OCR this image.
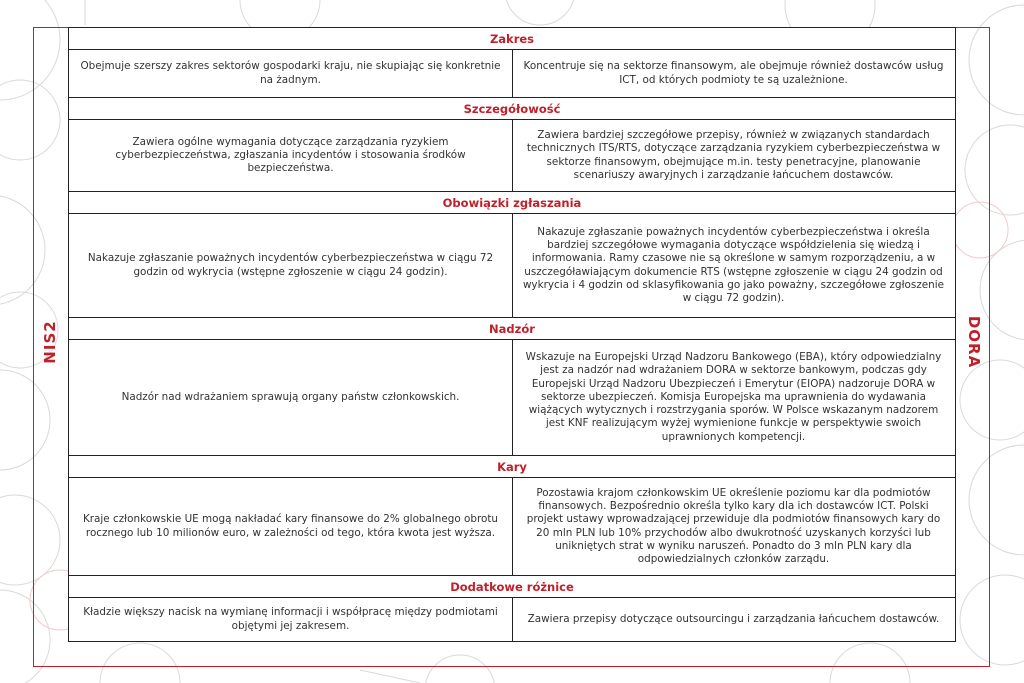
NIS2	DORA
Zakres
Obejmuje szerszy zakres sektorów gospodarki kraju, nie skupiając się konkretnie na żadnym.
Koncentruje się na sektorze finansowym, ale obejmuje również dostawców usług ICT, od których podmioty te są uzależnione.
Szczegółowość
Zawiera ogólne wymagania dotyczące zarządzania ryzykiem cyberbezpieczeństwa, zgłaszania incydentów i stosowania środków bezpieczeństwa.
Zawiera bardziej szczegółowe przepisy, również w związanych standardach technicznych ITS/RTS, dotyczące zarządzania ryzykiem cyberbezpieczeństwa w sektorze finansowym, obejmujące m.in. testy penetracyjne, planowanie scenariuszy awaryjnych i zarządzanie łańcuchem dostawców.
Obowiązki zgłaszania
Nakazuje zgłaszanie poważnych incydentów cyberbezpieczeństwa w ciągu 72 godzin od wykrycia (wstępne zgłoszenie w ciągu 24 godzin).
Nakazuje zgłaszanie poważnych incydentów cyberbezpieczeństwa i określa bardziej szczegółowe wymagania dotyczące współdzielenia się wiedzą i informowania. Ramy czasowe nie są określone w samym rozporządzeniu, a w uszczegóławiającym dokumencie RTS (wstępne zgłoszenie w ciągu 24 godzin od wykrycia i 4 godzin od sklasyfikowania go jako poważny, szczegółowe zgłoszenie w ciągu 72 godzin).
Nadzór
Nadzór nad wdrażaniem sprawują organy państw członkowskich.
Wskazuje na Europejski Urząd Nadzoru Bankowego (EBA), który odpowiedzialny jest za nadzór nad wdrażaniem DORA w sektorze bankowym, podczas gdy Europejski Urząd Nadzoru Ubezpieczeń i Emerytur (EIOPA) nadzoruje DORA w sektorze ubezpieczeń. Komisja Europejska ma uprawnienia do wydawania wiążących wytycznych i rozstrzygania sporów. W Polsce wskazanym nadzorem jest KNF realizującym wyżej wymienione funkcje w perspektywie swoich uprawnionych kompetencji.
Kary
Kraje członkowskie UE mogą nakładać kary finansowe do 2% globalnego obrotu rocznego lub 10 milionów euro, w zależności od tego, która kwota jest wyższa.
Pozostawia krajom członkowskim UE określenie poziomu kar dla podmiotów finansowych. Bezpośrednio określa tylko kary dla ich dostawców ICT. Polski projekt ustawy wprowadzającej przewiduje dla podmiotów finansowych kary do 20 mln PLN lub 10% przychodów albo dwukrotność uzyskanych korzyści lub unikniętych strat w wyniku naruszeń. Ponadto do 3 mln PLN kary dla odpowiedzialnych członków zarządu.
Dodatkowe różnice
Kładzie większy nacisk na wymianę informacji i współpracę między podmiotami objętymi jej zakresem.
Zawiera przepisy dotyczące outsourcingu i zarządzania łańcuchem dostawców.
